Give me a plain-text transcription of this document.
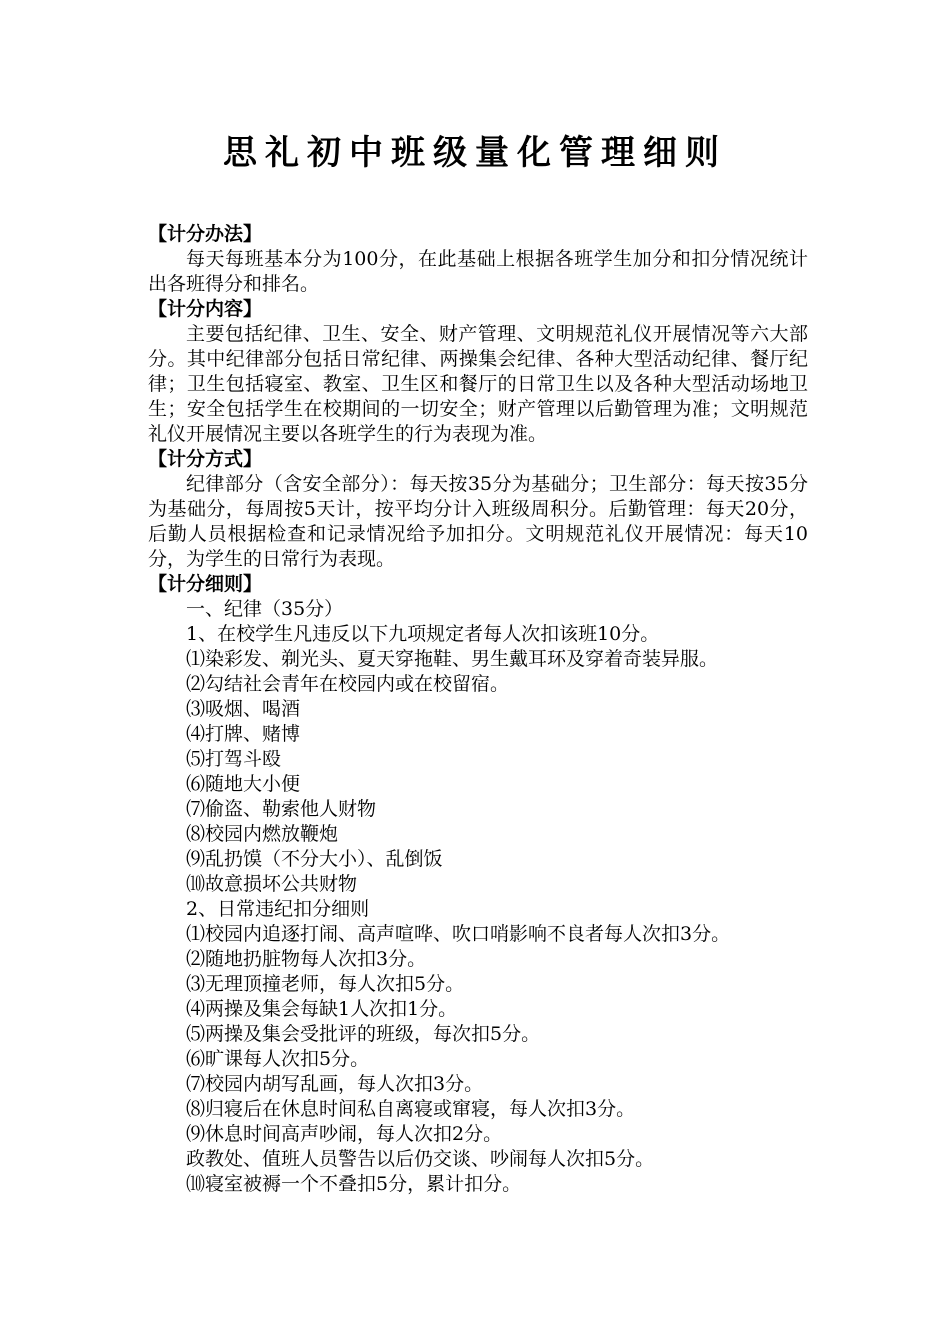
思礼初中班级量化管理细则

【计分办法】

每天每班基本分为100分，在此基础上根据各班学生加分和扣分情况统计出各班得分和排名。

【计分内容】

主要包括纪律、卫生、安全、财产管理、文明规范礼仪开展情况等六大部分。其中纪律部分包括日常纪律、两操集会纪律、各种大型活动纪律、餐厅纪律；卫生包括寝室、教室、卫生区和餐厅的日常卫生以及各种大型活动场地卫生；安全包括学生在校期间的一切安全；财产管理以后勤管理为准；文明规范礼仪开展情况主要以各班学生的行为表现为准。

【计分方式】

纪律部分（含安全部分）：每天按35分为基础分；卫生部分：每天按35分为基础分，每周按5天计，按平均分计入班级周积分。后勤管理：每天20分，后勤人员根据检查和记录情况给予加扣分。文明规范礼仪开展情况：每天10分，为学生的日常行为表现。

【计分细则】

一、纪律（35分）

1、在校学生凡违反以下九项规定者每人次扣该班10分。

⑴染彩发、剃光头、夏天穿拖鞋、男生戴耳环及穿着奇装异服。

⑵勾结社会青年在校园内或在校留宿。

⑶吸烟、喝酒

⑷打牌、赌博

⑸打驾斗殴

⑹随地大小便

⑺偷盗、勒索他人财物

⑻校园内燃放鞭炮

⑼乱扔馍（不分大小）、乱倒饭

⑽故意损坏公共财物

2、日常违纪扣分细则

⑴校园内追逐打闹、高声喧哗、吹口哨影响不良者每人次扣3分。

⑵随地扔脏物每人次扣3分。

⑶无理顶撞老师，每人次扣5分。

⑷两操及集会每缺1人次扣1分。

⑸两操及集会受批评的班级，每次扣5分。

⑹旷课每人次扣5分。

⑺校园内胡写乱画，每人次扣3分。

⑻归寝后在休息时间私自离寝或窜寝，每人次扣3分。

⑼休息时间高声吵闹，每人次扣2分。

政教处、值班人员警告以后仍交谈、吵闹每人次扣5分。

⑽寝室被褥一个不叠扣5分，累计扣分。
